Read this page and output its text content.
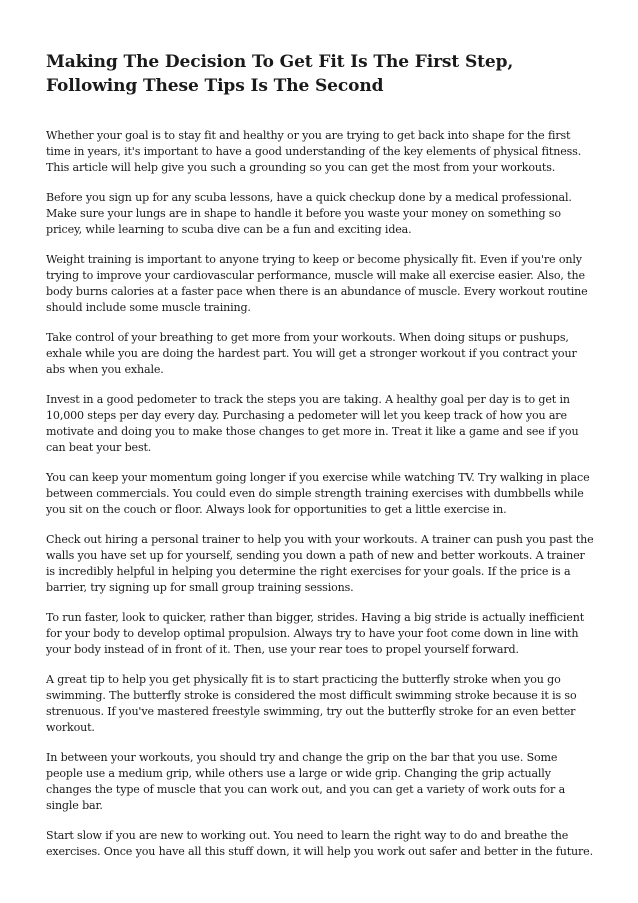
Making The Decision To Get Fit Is The First Step, Following These Tips Is The Second

Whether your goal is to stay fit and healthy or you are trying to get back into shape for the first time in years, it's important to have a good understanding of the key elements of physical fitness. This article will help give you such a grounding so you can get the most from your workouts.

Before you sign up for any scuba lessons, have a quick checkup done by a medical professional. Make sure your lungs are in shape to handle it before you waste your money on something so pricey, while learning to scuba dive can be a fun and exciting idea.

Weight training is important to anyone trying to keep or become physically fit. Even if you're only trying to improve your cardiovascular performance, muscle will make all exercise easier. Also, the body burns calories at a faster pace when there is an abundance of muscle. Every workout routine should include some muscle training.

Take control of your breathing to get more from your workouts. When doing situps or pushups, exhale while you are doing the hardest part. You will get a stronger workout if you contract your abs when you exhale.

Invest in a good pedometer to track the steps you are taking. A healthy goal per day is to get in 10,000 steps per day every day. Purchasing a pedometer will let you keep track of how you are motivate and doing you to make those changes to get more in. Treat it like a game and see if you can beat your best.

You can keep your momentum going longer if you exercise while watching TV. Try walking in place between commercials. You could even do simple strength training exercises with dumbbells while you sit on the couch or floor. Always look for opportunities to get a little exercise in.

Check out hiring a personal trainer to help you with your workouts. A trainer can push you past the walls you have set up for yourself, sending you down a path of new and better workouts. A trainer is incredibly helpful in helping you determine the right exercises for your goals. If the price is a barrier, try signing up for small group training sessions.

To run faster, look to quicker, rather than bigger, strides. Having a big stride is actually inefficient for your body to develop optimal propulsion. Always try to have your foot come down in line with your body instead of in front of it. Then, use your rear toes to propel yourself forward.

A great tip to help you get physically fit is to start practicing the butterfly stroke when you go swimming. The butterfly stroke is considered the most difficult swimming stroke because it is so strenuous. If you've mastered freestyle swimming, try out the butterfly stroke for an even better workout.

In between your workouts, you should try and change the grip on the bar that you use. Some people use a medium grip, while others use a large or wide grip. Changing the grip actually changes the type of muscle that you can work out, and you can get a variety of work outs for a single bar.

Start slow if you are new to working out. You need to learn the right way to do and breathe the exercises. Once you have all this stuff down, it will help you work out safer and better in the future.
